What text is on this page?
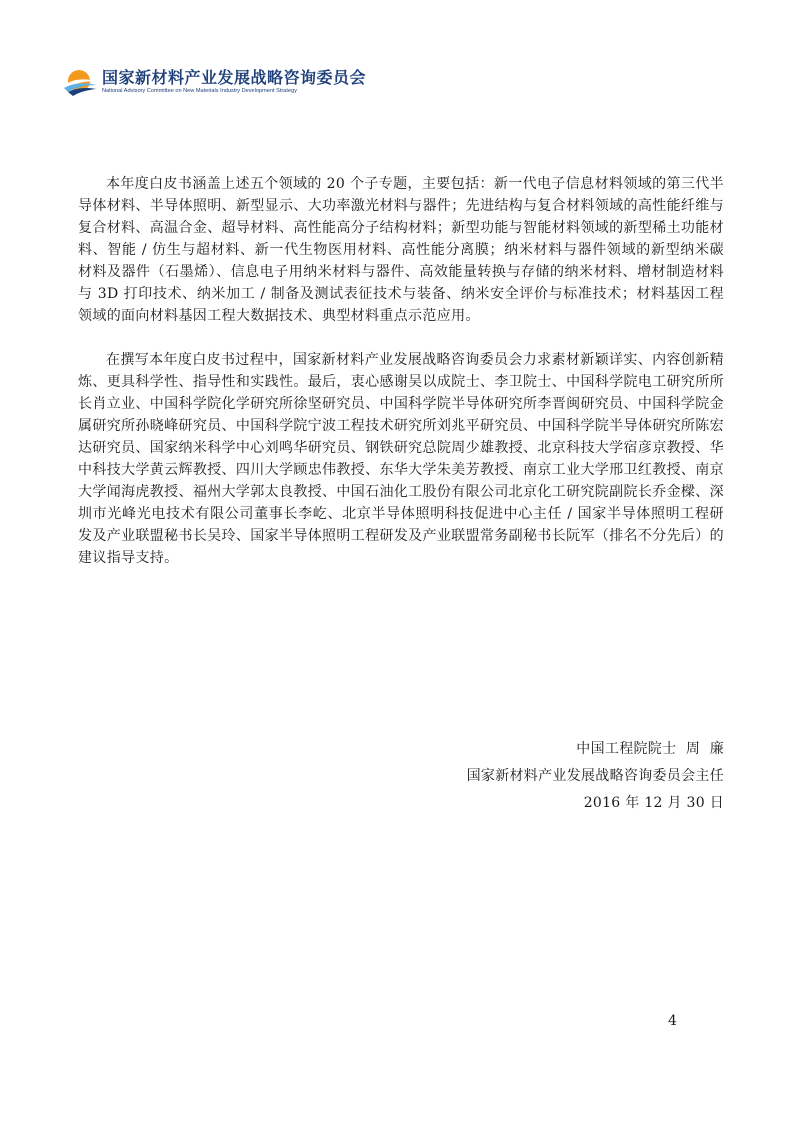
国家新材料产业发展战略咨询委员会
National Advisory Committee on New Materials Industry Development Strategy

本年度白皮书涵盖上述五个领域的 20 个子专题，主要包括：新一代电子信息材料领域的第三代半导体材料、半导体照明、新型显示、大功率激光材料与器件；先进结构与复合材料领域的高性能纤维与复合材料、高温合金、超导材料、高性能高分子结构材料；新型功能与智能材料领域的新型稀土功能材料、智能 / 仿生与超材料、新一代生物医用材料、高性能分离膜；纳米材料与器件领域的新型纳米碳材料及器件（石墨烯）、信息电子用纳米材料与器件、高效能量转换与存储的纳米材料、增材制造材料与 3D 打印技术、纳米加工 / 制备及测试表征技术与装备、纳米安全评价与标准技术；材料基因工程领域的面向材料基因工程大数据技术、典型材料重点示范应用。

在撰写本年度白皮书过程中，国家新材料产业发展战略咨询委员会力求素材新颖详实、内容创新精炼、更具科学性、指导性和实践性。最后，衷心感谢吴以成院士、李卫院士、中国科学院电工研究所所长肖立业、中国科学院化学研究所徐坚研究员、中国科学院半导体研究所李晋闽研究员、中国科学院金属研究所孙晓峰研究员、中国科学院宁波工程技术研究所刘兆平研究员、中国科学院半导体研究所陈宏达研究员、国家纳米科学中心刘鸣华研究员、钢铁研究总院周少雄教授、北京科技大学宿彦京教授、华中科技大学黄云辉教授、四川大学顾忠伟教授、东华大学朱美芳教授、南京工业大学邢卫红教授、南京大学闻海虎教授、福州大学郭太良教授、中国石油化工股份有限公司北京化工研究院副院长乔金樑、深圳市光峰光电技术有限公司董事长李屹、北京半导体照明科技促进中心主任 / 国家半导体照明工程研发及产业联盟秘书长吴玲、国家半导体照明工程研发及产业联盟常务副秘书长阮军（排名不分先后）的建议指导支持。

中国工程院院士  周  廉
国家新材料产业发展战略咨询委员会主任
2016 年 12 月 30 日
4
